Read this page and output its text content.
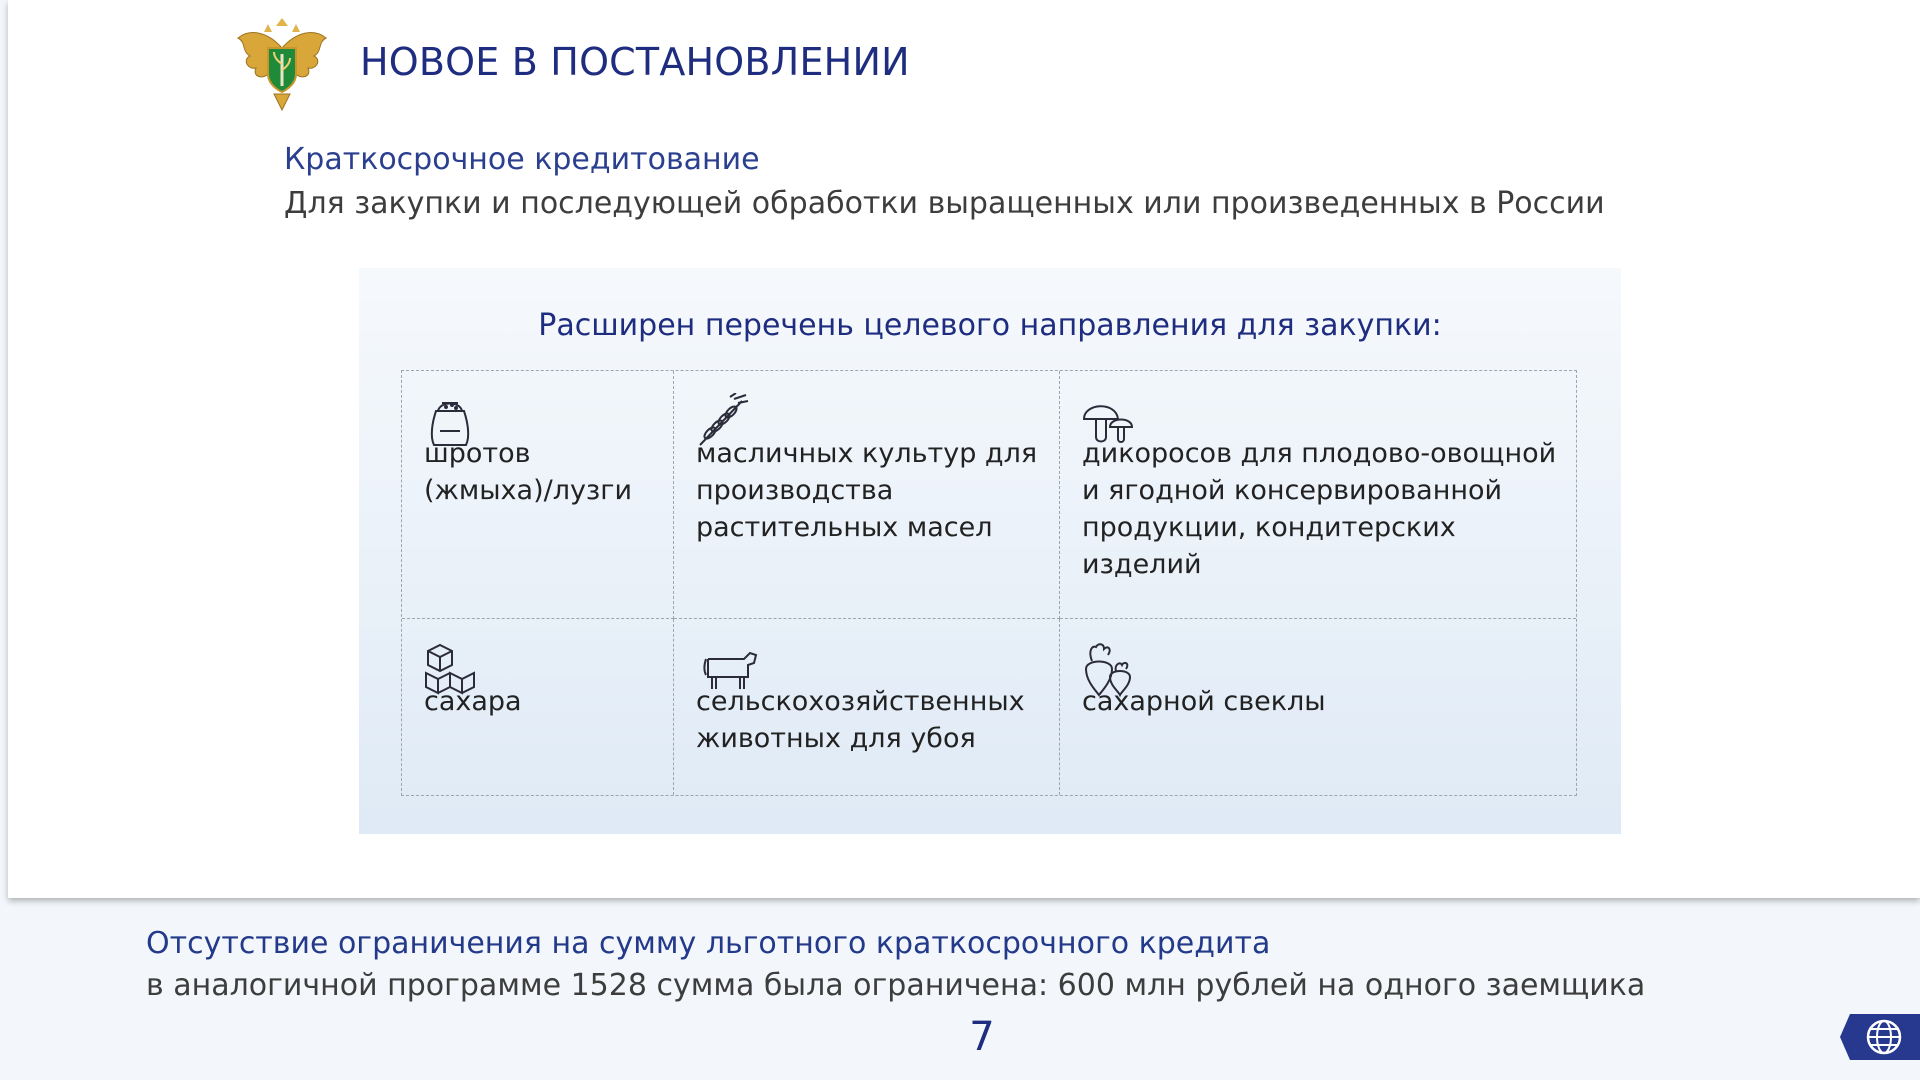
НОВОЕ В ПОСТАНОВЛЕНИИ
Краткосрочное кредитование
Для закупки и последующей обработки выращенных или произведенных в России
Расширен перечень целевого направления для закупки:
шротов (жмыха)/лузги
масличных культур для производства растительных масел
дикоросов для плодово-овощной и ягодной консервированной продукции, кондитерских изделий
сахара	сельскохозяйственных животных для убоя
сахарной свеклы
Отсутствие ограничения на сумму льготного краткосрочного кредита
в аналогичной программе 1528 сумма была ограничена: 600 млн рублей на одного заемщика
7
